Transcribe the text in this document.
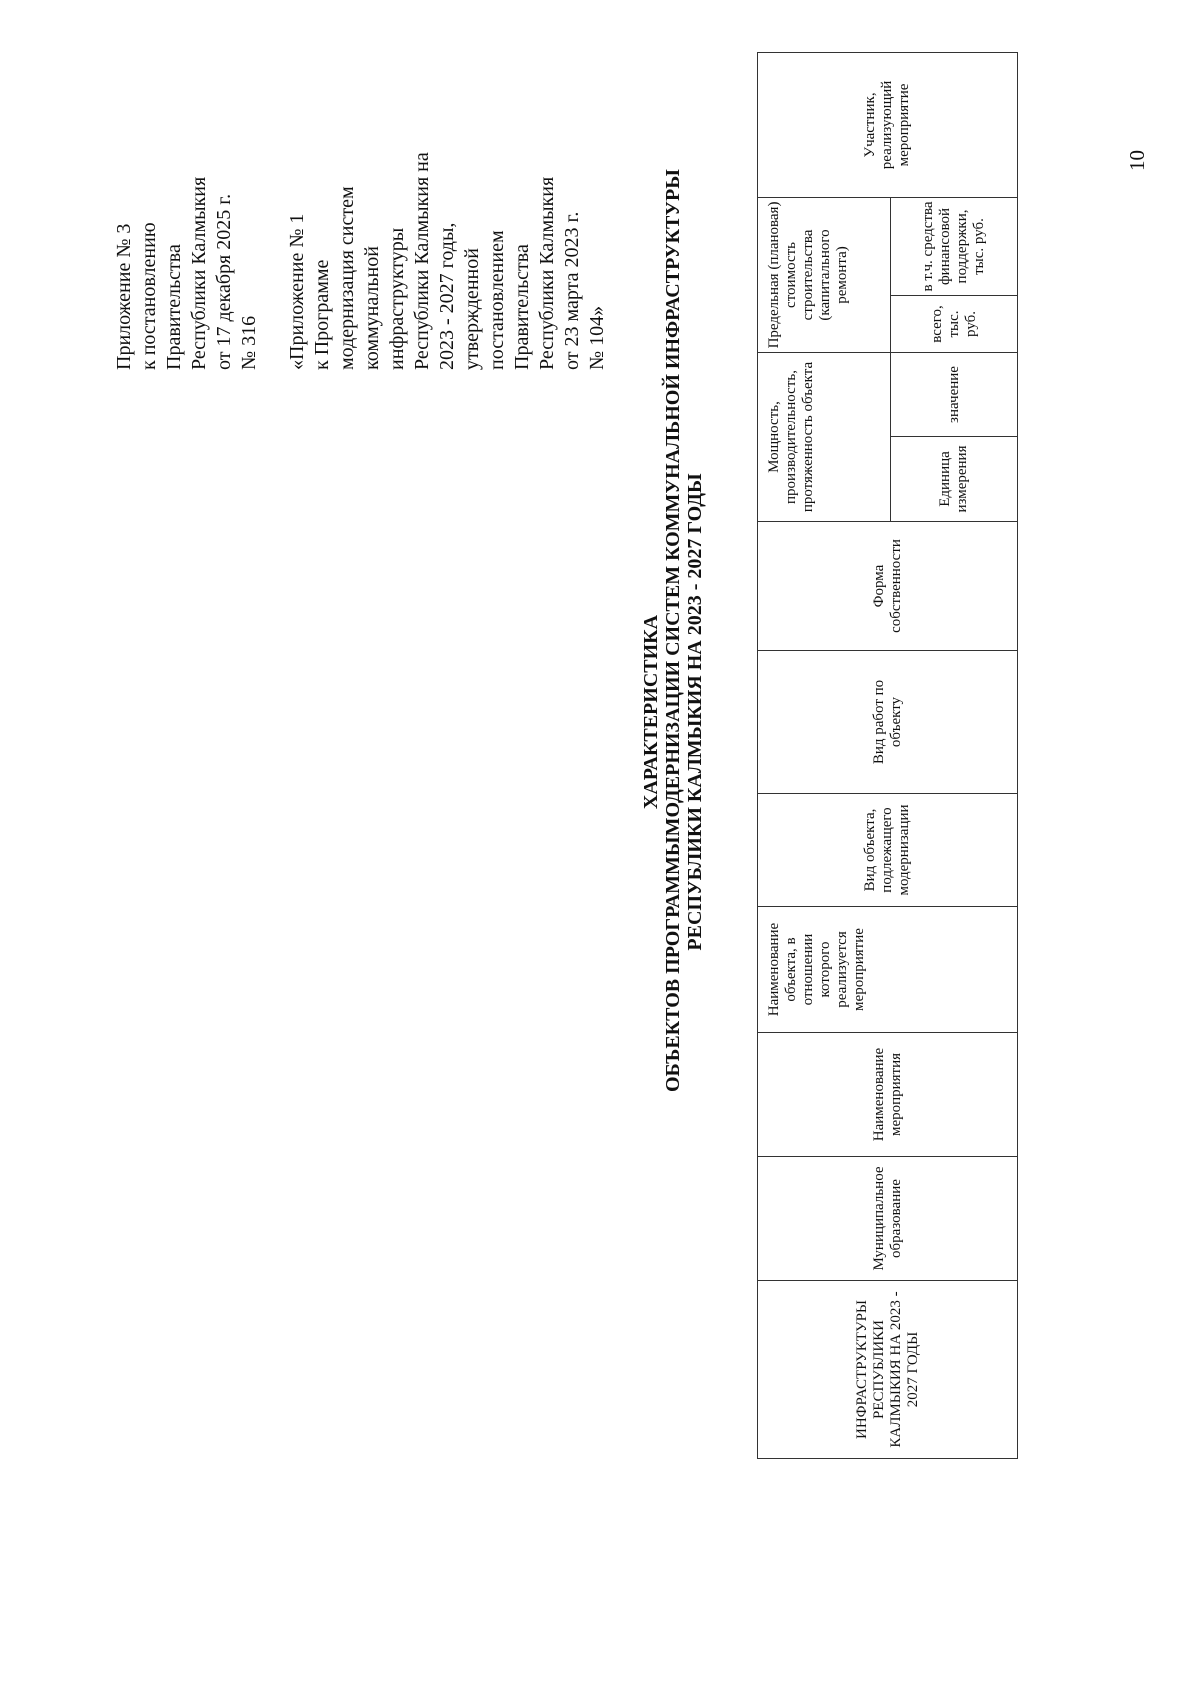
Приложение № 3 к постановлению Правительства Республики Калмыкия от 17 декабря 2025 г. № 316 «Приложение № 1 к Программе модернизация систем коммунальной инфраструктуры Республики Калмыкия на 2023 - 2027 годы, утвержденной постановлением Правительства Республики Калмыкия от 23 марта 2023 г. № 104»
ХАРАКТЕРИСТИКА ОБЪЕКТОВ ПРОГРАММЫМОДЕРНИЗАЦИИ СИСТЕМ КОММУНАЛЬНОЙ ИНФРАСТРУКТУРЫ РЕСПУБЛИКИ КАЛМЫКИЯ НА 2023 - 2027 ГОДЫ
ИНФРАСТРУКТУРЫ РЕСПУБЛИКИ КАЛМЫКИЯ НА 2023 - 2027 ГОДЫ	Муниципальное образование	Наименование мероприятия	Наименование объекта, в отношении которого реализуется мероприятие	Вид объекта, подлежащего модернизации	Вид работ по объекту	Форма собственности	Мощность, производительность, протяженность объекта		Предельная (плановая) стоимость строительства (капитального ремонта)		Участник, реализующий мероприятие
							Единица измерения	значение	всего, тыс. руб.	в т.ч. средства финансовой поддержки, тыс. руб.	
10
